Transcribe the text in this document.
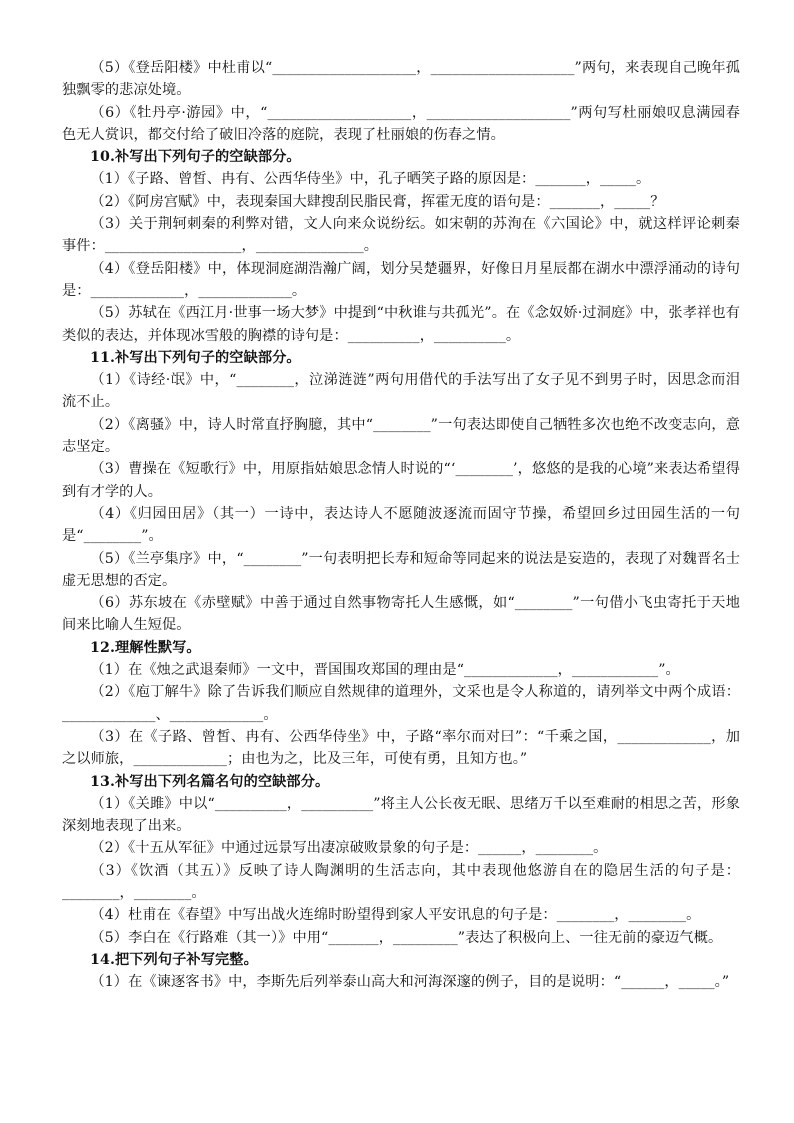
（5）《登岳阳楼》中杜甫以“____________________，____________________”两句，来表现自己晚年孤独飘零的悲凉处境。

（6）《牡丹亭·游园》中，“____________________，____________________”两句写杜丽娘叹息满园春色无人赏识，都交付给了破旧冷落的庭院，表现了杜丽娘的伤春之情。

10.补写出下列句子的空缺部分。

（1）《子路、曾皙、冉有、公西华侍坐》中，孔子晒笑子路的原因是：_______，_____。

（2）《阿房宫赋》中，表现秦国大肆搜刮民脂民膏，挥霍无度的语句是：_______，_____？

（3）关于荆轲刺秦的利弊对错，文人向来众说纷纭。如宋朝的苏洵在《六国论》中，就这样评论刺秦事件：___________________，_______________。

（4）《登岳阳楼》中，体现洞庭湖浩瀚广阔，划分吴楚疆界，好像日月星辰都在湖水中漂浮涌动的诗句是：_____________，_____________。

（5）苏轼在《西江月·世事一场大梦》中提到“中秋谁与共孤光”。在《念奴娇·过洞庭》中，张孝祥也有类似的表达，并体现冰雪般的胸襟的诗句是：__________，__________。

11.补写出下列句子的空缺部分。

（1）《诗经·氓》中，“________，泣涕涟涟”两句用借代的手法写出了女子见不到男子时，因思念而泪流不止。

（2）《离骚》中，诗人时常直抒胸臆，其中“________”一句表达即使自己牺牲多次也绝不改变志向，意志坚定。

（3）曹操在《短歌行》中，用原指姑娘思念情人时说的“‘________’，悠悠的是我的心境”来表达希望得到有才学的人。

（4）《归园田居》（其一）一诗中，表达诗人不愿随波逐流而固守节操，希望回乡过田园生活的一句是“________”。

（5）《兰亭集序》中，“________”一句表明把长寿和短命等同起来的说法是妄造的，表现了对魏晋名士虚无思想的否定。

（6）苏东坡在《赤壁赋》中善于通过自然事物寄托人生感慨，如“________”一句借小飞虫寄托于天地间来比喻人生短促。

12.理解性默写。

（1）在《烛之武退秦师》一文中，晋国围攻郑国的理由是“_____________，____________”。

（2）《庖丁解牛》除了告诉我们顺应自然规律的道理外，文采也是令人称道的，请列举文中两个成语：_____________、_____________。

（3）在《子路、曾皙、冉有、公西华侍坐》中，子路“率尔而对曰”：“千乘之国，_____________，加之以师旅，_____________；由也为之，比及三年，可使有勇，且知方也。”

13.补写出下列名篇名句的空缺部分。

（1）《关雎》中以“__________，__________”将主人公长夜无眠、思绪万千以至难耐的相思之苦，形象深刻地表现了出来。

（2）《十五从军征》中通过远景写出凄凉破败景象的句子是：______，________。

（3）《饮酒（其五）》反映了诗人陶渊明的生活志向，其中表现他悠游自在的隐居生活的句子是：________，________。

（4）杜甫在《春望》中写出战火连绵时盼望得到家人平安讯息的句子是：________，________。

（5）李白在《行路难（其一）》中用“_______，_________”表达了积极向上、一往无前的豪迈气概。

14.把下列句子补写完整。

（1）在《谏逐客书》中，李斯先后列举泰山高大和河海深邃的例子，目的是说明：“______，_____。”
